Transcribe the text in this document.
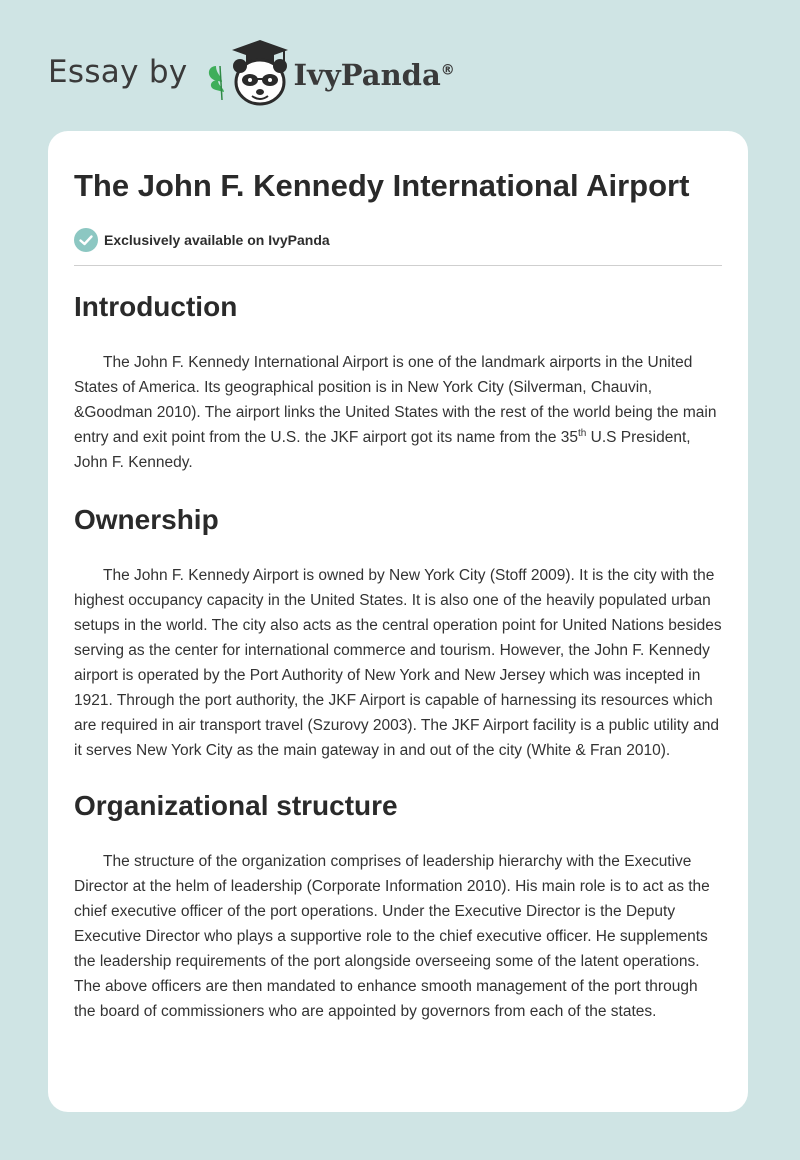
Essay by	IvyPanda®
The John F. Kennedy International Airport
Exclusively available on IvyPanda
Introduction

The John F. Kennedy International Airport is one of the landmark airports in the United States of America. Its geographical position is in New York City (Silverman, Chauvin, &Goodman 2010). The airport links the United States with the rest of the world being the main entry and exit point from the U.S. the JKF airport got its name from the 35th U.S President, John F. Kennedy.

Ownership

The John F. Kennedy Airport is owned by New York City (Stoff 2009). It is the city with the highest occupancy capacity in the United States. It is also one of the heavily populated urban setups in the world. The city also acts as the central operation point for United Nations besides serving as the center for international commerce and tourism. However, the John F. Kennedy airport is operated by the Port Authority of New York and New Jersey which was incepted in 1921. Through the port authority, the JKF Airport is capable of harnessing its resources which are required in air transport travel (Szurovy 2003). The JKF Airport facility is a public utility and it serves New York City as the main gateway in and out of the city (White & Fran 2010).

Organizational structure

The structure of the organization comprises of leadership hierarchy with the Executive Director at the helm of leadership (Corporate Information 2010). His main role is to act as the chief executive officer of the port operations. Under the Executive Director is the Deputy Executive Director who plays a supportive role to the chief executive officer. He supplements the leadership requirements of the port alongside overseeing some of the latent operations. The above officers are then mandated to enhance smooth management of the port through the board of commissioners who are appointed by governors from each of the states.
